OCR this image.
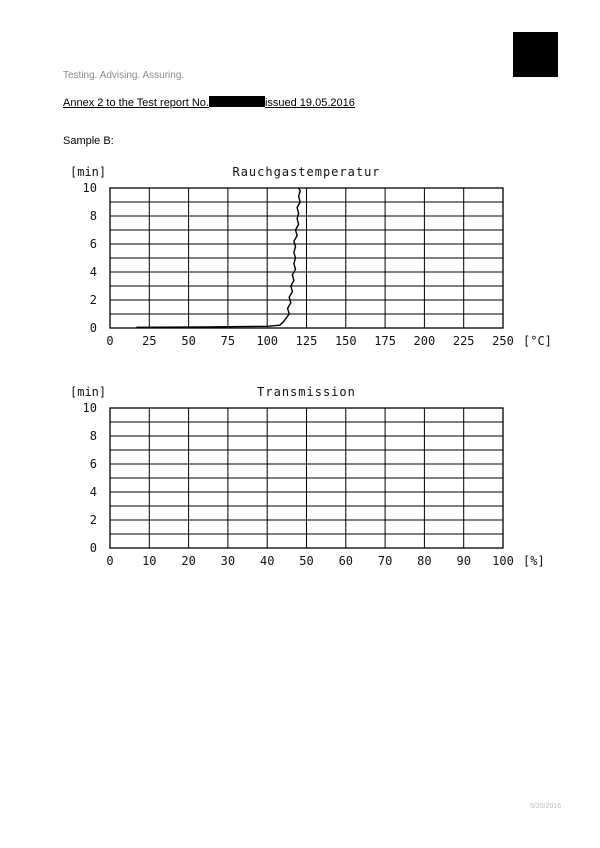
Testing. Advising. Assuring.
Annex 2 to the Test report No.	issued 19.05.2016
Sample B:
0 25 50 75 100 125 150 175 200 225 250 [°C]
0
2
4
6
8
10
[min]	Rauchgastemperatur
0 10 20 30 40 50 60 70 80 90 100 [%]
0
2
4
6
8
10
[min]	Transmission
5/20/2016
